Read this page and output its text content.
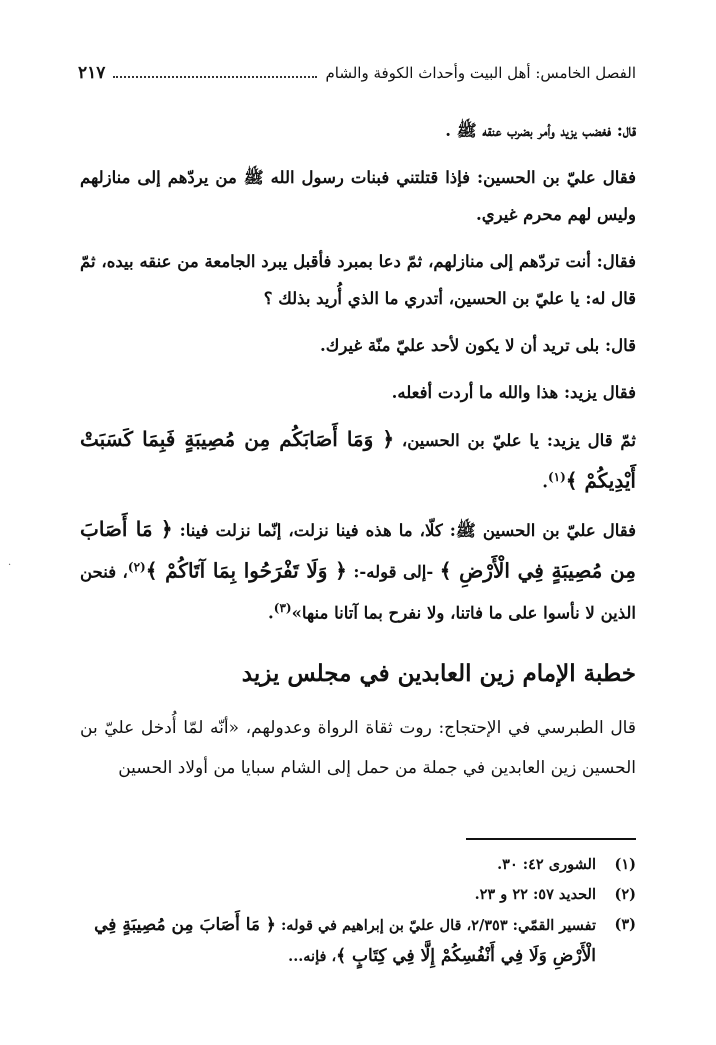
الفصل الخامس: أهل البيت وأحداث الكوفة والشام
٢١٧

قال: فغضب يزيد وأمر بضرب عنقه ﷺ .

فقال عليّ بن الحسين: فإذا قتلتني فبنات رسول الله ﷺ من يردّهم إلى منازلهم وليس لهم محرم غيري.

فقال: أنت تردّهم إلى منازلهم، ثمّ دعا بمبرد فأقبل يبرد الجامعة من عنقه بيده، ثمّ قال له: يا عليّ بن الحسين، أتدري ما الذي أُريد بذلك ؟

قال: بلى تريد أن لا يكون لأحد عليّ منّة غيرك.

فقال يزيد: هذا والله ما أردت أفعله.

ثمّ قال يزيد: يا عليّ بن الحسين، ﴿ وَمَا أَصَابَكُم مِن مُصِيبَةٍ فَبِمَا كَسَبَتْ أَيْدِيكُمْ ﴾$^{(١)}$.

فقال عليّ بن الحسين ﷺ: كلّا، ما هذه فينا نزلت، إنّما نزلت فينا: ﴿ مَا أَصَابَ مِن مُصِيبَةٍ فِي الْأَرْضِ ﴾ -إلى قوله-: ﴿ وَلَا تَفْرَحُوا بِمَا آتَاكُمْ ﴾$^{(٢)}$، فنحن الذين لا نأسوا على ما فاتنا، ولا نفرح بما آتانا منها»$^{(٣)}$.

خطبة الإمام زين العابدين في مجلس يزيد

قال الطبرسي في الإحتجاج: روت ثقاة الرواة وعدولهم، «أنّه لمّا أُدخل عليّ بن الحسين زين العابدين في جملة من حمل إلى الشام سبايا من أولاد الحسين

(١)
الشورى ٤٢: ٣٠.
(٢)
الحديد ٥٧: ٢٢ و ٢٣.
(٣)
تفسير القمّي: ٢/٣٥٣، قال عليّ بن إبراهيم في قوله: ﴿ مَا أَصَابَ مِن مُصِيبَةٍ فِي الْأَرْضِ وَلَا فِي أَنْفُسِكُمْ إِلَّا فِي كِتَابٍ ﴾، فإنه...
·
